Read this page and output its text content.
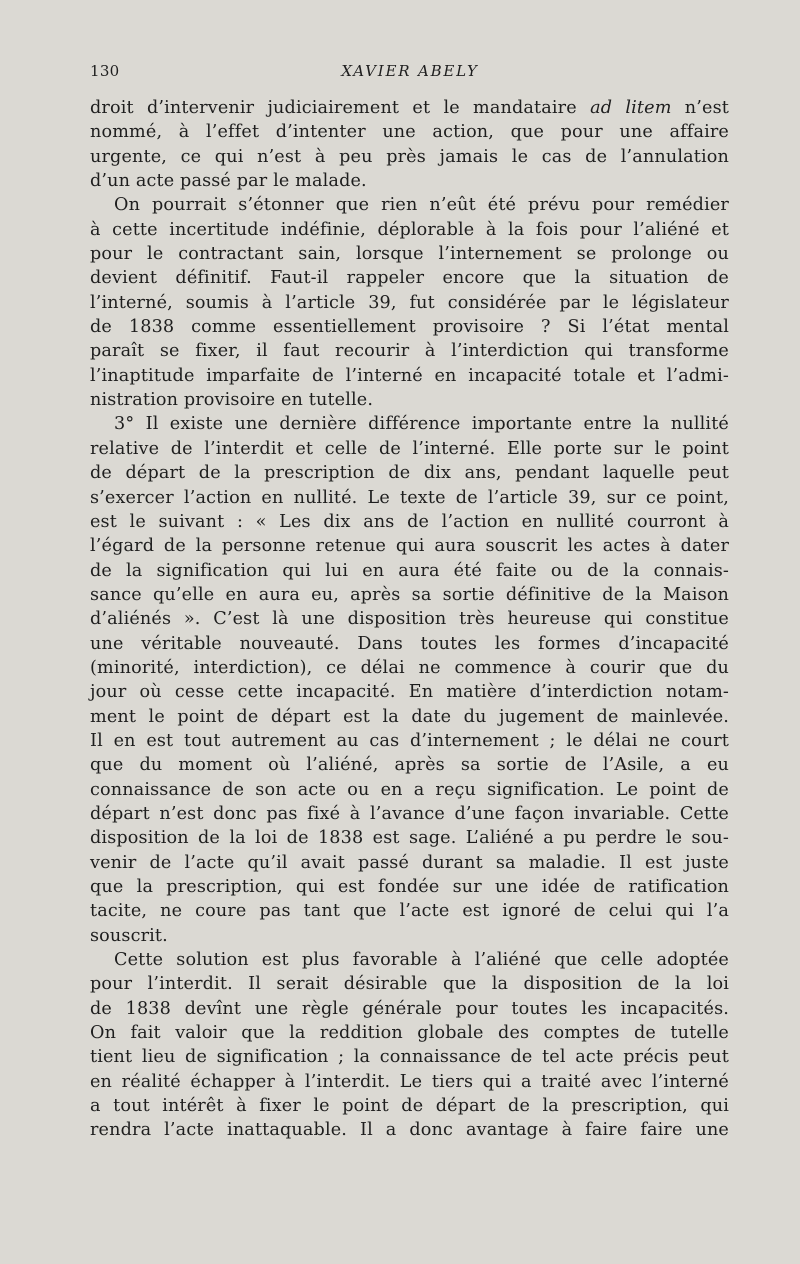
130	XAVIER ABELY
droit d’intervenir judiciairement et le mandataire ad litem n’est
nommé, à l’effet d’intenter une action, que pour une affaire
urgente, ce qui n’est à peu près jamais le cas de l’annulation
d’un acte passé par le malade.
On pourrait s’étonner que rien n’eût été prévu pour remédier
à cette incertitude indéfinie, déplorable à la fois pour l’aliéné et
pour le contractant sain, lorsque l’internement se prolonge ou
devient définitif. Faut-il rappeler encore que la situation de
l’interné, soumis à l’article 39, fut considérée par le législateur
de 1838 comme essentiellement provisoire ? Si l’état mental
paraît se fixer, il faut recourir à l’interdiction qui transforme
l’inaptitude imparfaite de l’interné en incapacité totale et l’admi-
nistration provisoire en tutelle.
3° Il existe une dernière différence importante entre la nullité
relative de l’interdit et celle de l’interné. Elle porte sur le point
de départ de la prescription de dix ans, pendant laquelle peut
s’exercer l’action en nullité. Le texte de l’article 39, sur ce point,
est le suivant : « Les dix ans de l’action en nullité courront à
l’égard de la personne retenue qui aura souscrit les actes à dater
de la signification qui lui en aura été faite ou de la connais-
sance qu’elle en aura eu, après sa sortie définitive de la Maison
d’aliénés ». C’est là une disposition très heureuse qui constitue
une véritable nouveauté. Dans toutes les formes d’incapacité
(minorité, interdiction), ce délai ne commence à courir que du
jour où cesse cette incapacité. En matière d’interdiction notam-
ment le point de départ est la date du jugement de mainlevée.
Il en est tout autrement au cas d’internement ; le délai ne court
que du moment où l’aliéné, après sa sortie de l’Asile, a eu
connaissance de son acte ou en a reçu signification. Le point de
départ n’est donc pas fixé à l’avance d’une façon invariable. Cette
disposition de la loi de 1838 est sage. L’aliéné a pu perdre le sou-
venir de l’acte qu’il avait passé durant sa maladie. Il est juste
que la prescription, qui est fondée sur une idée de ratification
tacite, ne coure pas tant que l’acte est ignoré de celui qui l’a
souscrit.
Cette solution est plus favorable à l’aliéné que celle adoptée
pour l’interdit. Il serait désirable que la disposition de la loi
de 1838 devînt une règle générale pour toutes les incapacités.
On fait valoir que la reddition globale des comptes de tutelle
tient lieu de signification ; la connaissance de tel acte précis peut
en réalité échapper à l’interdit. Le tiers qui a traité avec l’interné
a tout intérêt à fixer le point de départ de la prescription, qui
rendra l’acte inattaquable. Il a donc avantage à faire faire une
